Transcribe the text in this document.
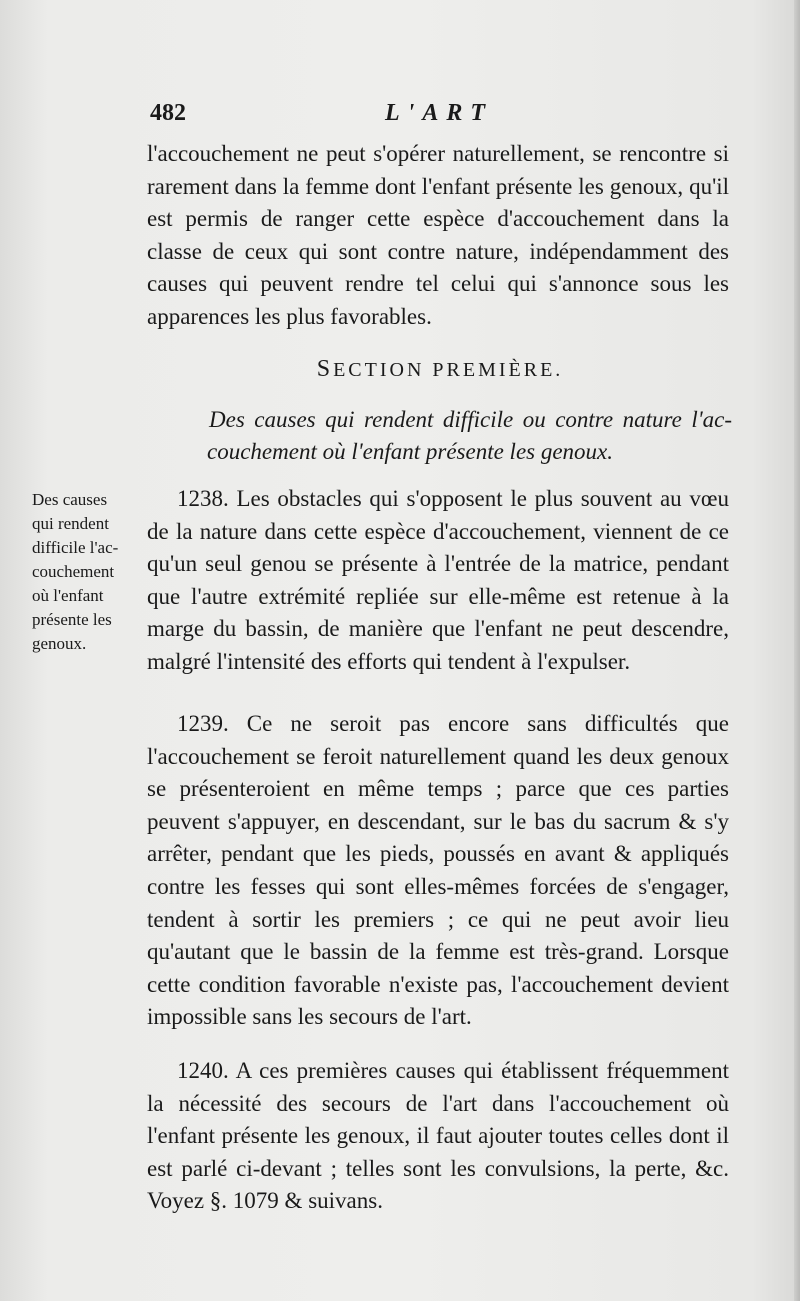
482	L'ART

l'accouchement ne peut s'opérer naturellement, se rencontre si rarement dans la femme dont l'enfant présente les genoux, qu'il est permis de ranger cette espèce d'accouchement dans la classe de ceux qui sont contre nature, indépendamment des causes qui peuvent rendre tel celui qui s'annonce sous les apparences les plus favorables.

SECTION PREMIÈRE.
Des causes qui rendent difficile ou contre nature l'ac-
couchement où l'enfant présente les genoux.
Des causes
qui rendent
difficile l'ac-
couchement
où l'enfant
présente les
genoux.

1238. Les obstacles qui s'opposent le plus souvent au vœu de la nature dans cette espèce d'accouchement, viennent de ce qu'un seul genou se présente à l'entrée de la matrice, pendant que l'autre extrémité repliée sur elle-même est retenue à la marge du bassin, de manière que l'enfant ne peut descendre, malgré l'intensité des efforts qui tendent à l'expulser.

1239. Ce ne seroit pas encore sans difficultés que l'accouchement se feroit naturellement quand les deux genoux se présenteroient en même temps ; parce que ces parties peuvent s'appuyer, en descendant, sur le bas du sacrum & s'y arrêter, pendant que les pieds, poussés en avant & appliqués contre les fesses qui sont elles-mêmes forcées de s'engager, tendent à sortir les premiers ; ce qui ne peut avoir lieu qu'autant que le bassin de la femme est très-grand. Lorsque cette condition favorable n'existe pas, l'accouchement devient impossible sans les secours de l'art.

1240. A ces premières causes qui établissent fréquemment la nécessité des secours de l'art dans l'accouchement où l'enfant présente les genoux, il faut ajouter toutes celles dont il est parlé ci-devant ; telles sont les convulsions, la perte, &c. Voyez §. 1079 & suivans.
